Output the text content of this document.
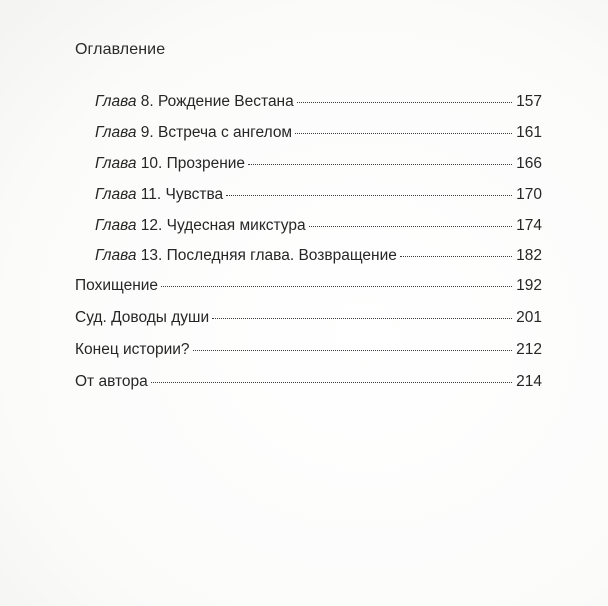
Оглавление
Глава 8. Рождение Вестана	157
Глава 9. Встреча с ангелом	161
Глава 10. Прозрение	166
Глава 11. Чувства	170
Глава 12. Чудесная микстура	174
Глава 13. Последняя глава. Возвращение	182
Похищение	192
Суд. Доводы души	201
Конец истории?	212
От автора	214
